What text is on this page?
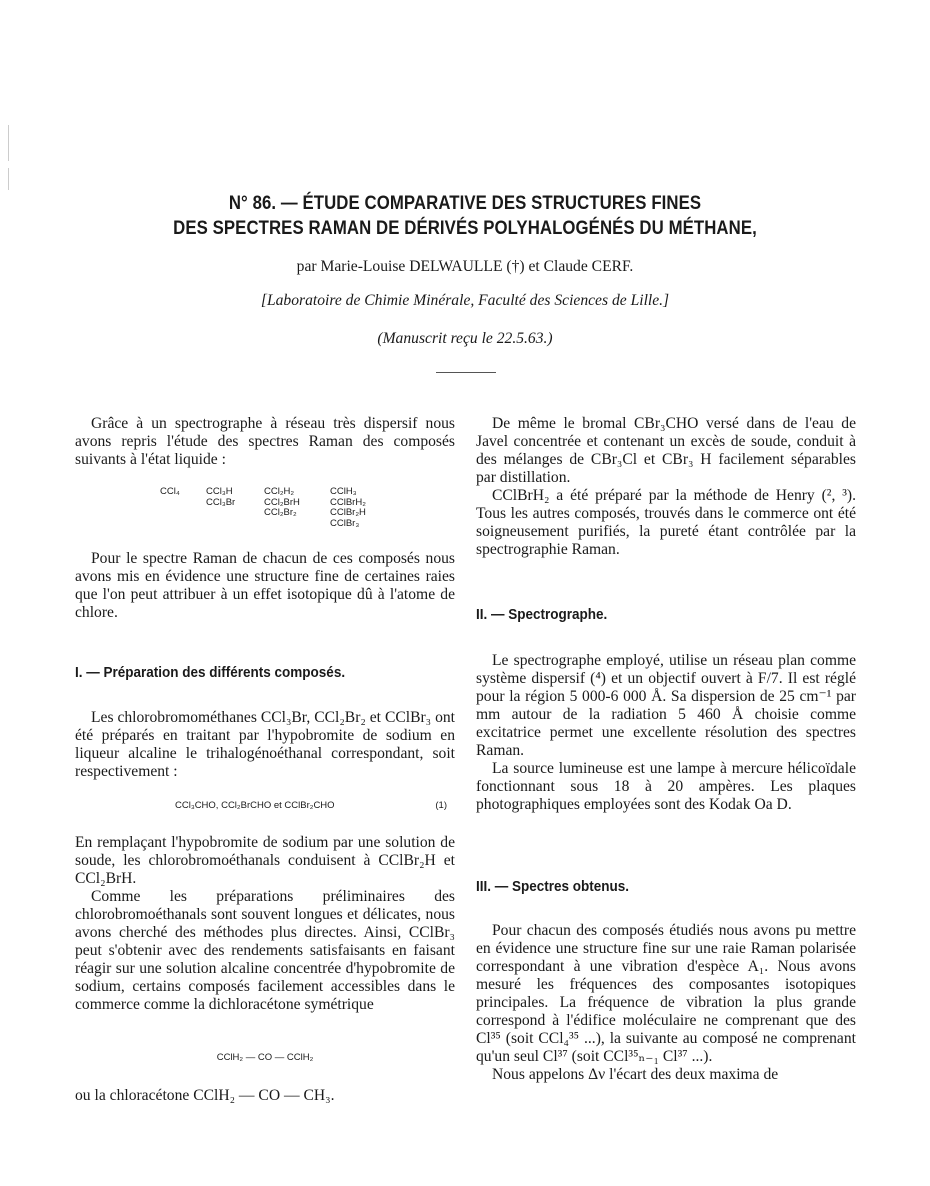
N° 86. — ÉTUDE COMPARATIVE DES STRUCTURES FINES
DES SPECTRES RAMAN DE DÉRIVÉS POLYHALOGÉNÉS DU MÉTHANE,
par Marie-Louise DELWAULLE (†) et Claude CERF.
[Laboratoire de Chimie Minérale, Faculté des Sciences de Lille.]
(Manuscrit reçu le 22.5.63.)

Grâce à un spectrographe à réseau très dispersif nous avons repris l'étude des spectres Raman des composés suivants à l'état liquide :

CCl₄	CCl₃H
CCl₃Br
CCl₂H₂
CCl₂BrH
CCl₂Br₂
CClH₃
CClBrH₂
CClBr₂H
CClBr₃

Pour le spectre Raman de chacun de ces composés nous avons mis en évidence une structure fine de certaines raies que l'on peut attribuer à un effet isotopique dû à l'atome de chlore.

I. — Préparation des différents composés.

Les chlorobromométhanes CCl₃Br, CCl₂Br₂ et CClBr₃ ont été préparés en traitant par l'hypobromite de sodium en liqueur alcaline le trihalogénoéthanal correspondant, soit respectivement :

CCl₃CHO, CCl₂BrCHO et CClBr₂CHO	(1)

En remplaçant l'hypobromite de sodium par une solution de soude, les chlorobromoéthanals conduisent à CClBr₂H et CCl₂BrH.

Comme les préparations préliminaires des chlorobromoéthanals sont souvent longues et délicates, nous avons cherché des méthodes plus directes. Ainsi, CClBr₃ peut s'obtenir avec des rendements satisfaisants en faisant réagir sur une solution alcaline concentrée d'hypobromite de sodium, certains composés facilement accessibles dans le commerce comme la dichloracétone symétrique

CClH₂ — CO — CClH₂

ou la chloracétone CClH₂ — CO — CH₃.

De même le bromal CBr₃CHO versé dans de l'eau de Javel concentrée et contenant un excès de soude, conduit à des mélanges de CBr₃Cl et CBr₃ H facilement séparables par distillation.

CClBrH₂ a été préparé par la méthode de Henry (², ³). Tous les autres composés, trouvés dans le commerce ont été soigneusement purifiés, la pureté étant contrôlée par la spectrographie Raman.

II. — Spectrographe.

Le spectrographe employé, utilise un réseau plan comme système dispersif (⁴) et un objectif ouvert à F/7. Il est réglé pour la région 5 000-6 000 Å. Sa dispersion de 25 cm⁻¹ par mm autour de la radiation 5 460 Å choisie comme excitatrice permet une excellente résolution des spectres Raman.

La source lumineuse est une lampe à mercure hélicoïdale fonctionnant sous 18 à 20 ampères. Les plaques photographiques employées sont des Kodak Oa D.

III. — Spectres obtenus.

Pour chacun des composés étudiés nous avons pu mettre en évidence une structure fine sur une raie Raman polarisée correspondant à une vibration d'espèce A₁. Nous avons mesuré les fréquences des composantes isotopiques principales. La fréquence de vibration la plus grande correspond à l'édifice moléculaire ne comprenant que des Cl³⁵ (soit CCl₄³⁵ ...), la suivante au composé ne comprenant qu'un seul Cl³⁷ (soit CCl³⁵ₙ₋₁ Cl³⁷ ...).

Nous appelons Δν l'écart des deux maxima de
